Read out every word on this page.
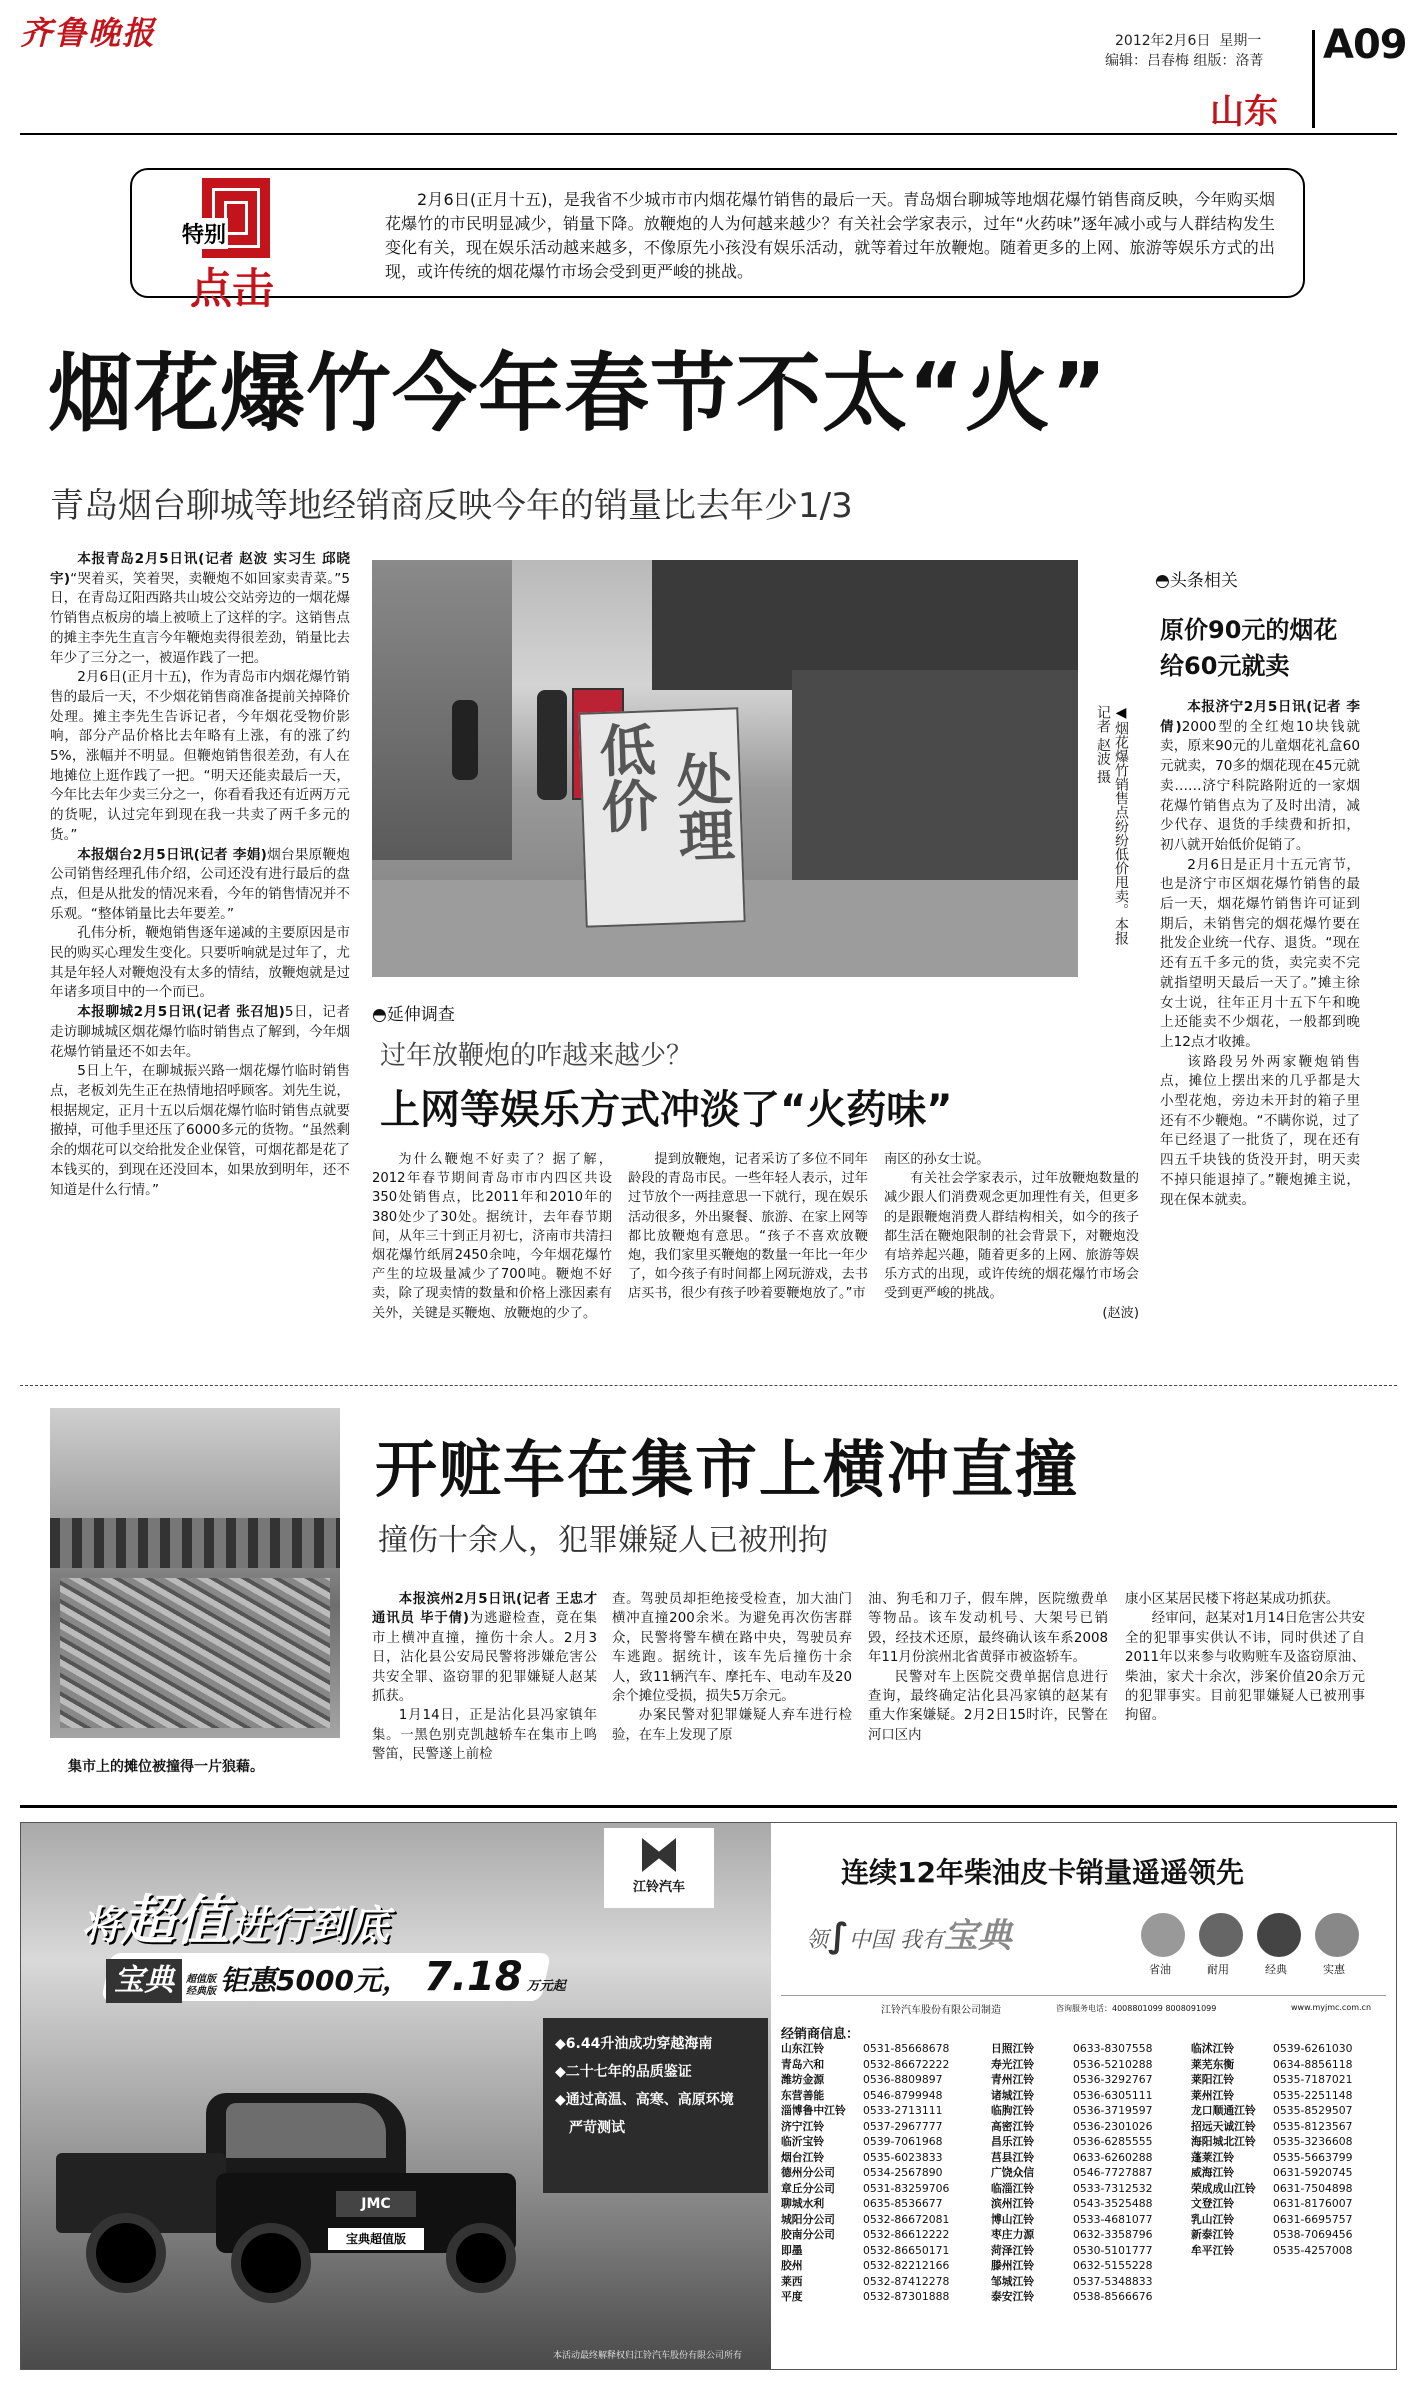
齐鲁晚报	2012年2月6日 星期一
编辑：吕春梅 组版：洛菁 A09
山东
特别
点击
2月6日(正月十五)，是我省不少城市市内烟花爆竹销售的最后一天。青岛烟台聊城等地烟花爆竹销售商反映，今年购买烟花爆竹的市民明显减少，销量下降。放鞭炮的人为何越来越少？有关社会学家表示，过年“火药味”逐年减小或与人群结构发生变化有关，现在娱乐活动越来越多，不像原先小孩没有娱乐活动，就等着过年放鞭炮。随着更多的上网、旅游等娱乐方式的出现，或许传统的烟花爆竹市场会受到更严峻的挑战。
烟花爆竹今年春节不太“火”
青岛烟台聊城等地经销商反映今年的销量比去年少1/3

本报青岛2月5日讯(记者 赵波 实习生 邱晓宇)“哭着买，笑着哭，卖鞭炮不如回家卖青菜。”5日，在青岛辽阳西路共山坡公交站旁边的一烟花爆竹销售点板房的墙上被喷上了这样的字。这销售点的摊主李先生直言今年鞭炮卖得很差劲，销量比去年少了三分之一，被逼作践了一把。

2月6日(正月十五)，作为青岛市内烟花爆竹销售的最后一天，不少烟花销售商准备提前关掉降价处理。摊主李先生告诉记者，今年烟花受物价影响，部分产品价格比去年略有上涨，有的涨了约5%，涨幅并不明显。但鞭炮销售很差劲，有人在地摊位上逛作践了一把。“明天还能卖最后一天，今年比去年少卖三分之一，你看看我还有近两万元的货呢，认过完年到现在我一共卖了两千多元的货。”

本报烟台2月5日讯(记者 李娟)烟台果原鞭炮公司销售经理孔伟介绍，公司还没有进行最后的盘点，但是从批发的情况来看，今年的销售情况并不乐观。“整体销量比去年要差。”

孔伟分析，鞭炮销售逐年递减的主要原因是市民的购买心理发生变化。只要听响就是过年了，尤其是年轻人对鞭炮没有太多的情结，放鞭炮就是过年诸多项目中的一个而已。

本报聊城2月5日讯(记者 张召旭)5日，记者走访聊城城区烟花爆竹临时销售点了解到，今年烟花爆竹销量还不如去年。

5日上午，在聊城振兴路一烟花爆竹临时销售点，老板刘先生正在热情地招呼顾客。刘先生说，根据规定，正月十五以后烟花爆竹临时销售点就要撤掉，可他手里还压了6000多元的货物。“虽然剩余的烟花可以交给批发企业保管，可烟花都是花了本钱买的，到现在还没回本，如果放到明年，还不知道是什么行情。”

低价 处理
◀烟花爆竹销售点纷纷低价甩卖。本报记者 赵波 摄
◓头条相关
原价90元的烟花
给60元就卖

本报济宁2月5日讯(记者 李倩)2000型的全红炮10块钱就卖，原来90元的儿童烟花礼盒60元就卖，70多的烟花现在45元就卖……济宁科院路附近的一家烟花爆竹销售点为了及时出清，减少代存、退货的手续费和折扣，初八就开始低价促销了。

2月6日是正月十五元宵节，也是济宁市区烟花爆竹销售的最后一天，烟花爆竹销售许可证到期后，未销售完的烟花爆竹要在批发企业统一代存、退货。“现在还有五千多元的货，卖完卖不完就指望明天最后一天了。”摊主徐女士说，往年正月十五下午和晚上还能卖不少烟花，一般都到晚上12点才收摊。

该路段另外两家鞭炮销售点，摊位上摆出来的几乎都是大小型花炮，旁边未开封的箱子里还有不少鞭炮。“不瞒你说，过了年已经退了一批货了，现在还有四五千块钱的货没开封，明天卖不掉只能退掉了。”鞭炮摊主说，现在保本就卖。

◓延伸调查
过年放鞭炮的咋越来越少？
上网等娱乐方式冲淡了“火药味”
为什么鞭炮不好卖了？据了解，2012年春节期间青岛市市内四区共设350处销售点，比2011年和2010年的380处少了30处。据统计，去年春节期间，从年三十到正月初七，济南市共清扫烟花爆竹纸屑2450余吨，今年烟花爆竹产生的垃圾量减少了700吨。鞭炮不好卖，除了现卖情的数量和价格上涨因素有关外，关键是买鞭炮、放鞭炮的少了。
提到放鞭炮，记者采访了多位不同年龄段的青岛市民。一些年轻人表示，过年过节放个一两挂意思一下就行，现在娱乐活动很多，外出聚餐、旅游、在家上网等都比放鞭炮有意思。“孩子不喜欢放鞭炮，我们家里买鞭炮的数量一年比一年少了，如今孩子有时间都上网玩游戏，去书店买书，很少有孩子吵着要鞭炮放了。”市
南区的孙女士说。
有关社会学家表示，过年放鞭炮数量的减少跟人们消费观念更加理性有关，但更多的是跟鞭炮消费人群结构相关，如今的孩子都生活在鞭炮限制的社会背景下，对鞭炮没有培养起兴趣，随着更多的上网、旅游等娱乐方式的出现，或许传统的烟花爆竹市场会受到更严峻的挑战。
(赵波)
集市上的摊位被撞得一片狼藉。
开赃车在集市上横冲直撞
撞伤十余人，犯罪嫌疑人已被刑拘

本报滨州2月5日讯(记者 王忠才 通讯员 毕于倩)为逃避检查，竟在集市上横冲直撞，撞伤十余人。2月3日，沾化县公安局民警将涉嫌危害公共安全罪、盗窃罪的犯罪嫌疑人赵某抓获。

1月14日，正是沾化县冯家镇年集。一黑色别克凯越轿车在集市上鸣警笛，民警遂上前检

查。驾驶员却拒绝接受检查，加大油门横冲直撞200余米。为避免再次伤害群众，民警将警车横在路中央，驾驶员弃车逃跑。据统计，该车先后撞伤十余人，致11辆汽车、摩托车、电动车及20余个摊位受损，损失5万余元。
办案民警对犯罪嫌疑人弃车进行检验，在车上发现了原
油、狗毛和刀子，假车牌，医院缴费单等物品。该车发动机号、大架号已销毁，经技术还原，最终确认该车系2008年11月份滨州北省黄驿市被盗轿车。
民警对车上医院交费单据信息进行查询，最终确定沾化县冯家镇的赵某有重大作案嫌疑。2月2日15时许，民警在河口区内
康小区某居民楼下将赵某成功抓获。
经审问，赵某对1月14日危害公共安全的犯罪事实供认不讳，同时供述了自2011年以来参与收购赃车及盗窃原油、柴油，家犬十余次，涉案价值20余万元的犯罪事实。目前犯罪嫌疑人已被刑事拘留。
将超值进行到底
宝典 超值版
经典版 钜惠5000元， 7.18 万元起
江铃汽车
◆6.44升油成功穿越海南
◆二十七年的品质鉴证
◆通过高温、高寒、高原环境
严苛测试
JMC
宝典超值版
本活动最终解释权归江铃汽车股份有限公司所有
连续12年柴油皮卡销量遥遥领先
领∫中国 我有宝典
省油	耐用	经典	实惠
江铃汽车股份有限公司制造	咨询服务电话：4008801099 8008091099	www.myjmc.com.cn
经销商信息：
山东江铃	0531-85668678
青岛六和	0532-86672222
潍坊金源	0536-8809897
东营善能	0546-8799948
淄博鲁中江铃	0533-2713111
济宁江铃	0537-2967777
临沂宝铃	0539-7061968
烟台江铃	0535-6023833
德州分公司	0534-2567890
章丘分公司	0531-83259706
聊城水利	0635-8536677
城阳分公司	0532-86672081
胶南分公司	0532-86612222
即墨	0532-86650171
胶州	0532-82212166
莱西	0532-87412278
平度	0532-87301888
日照江铃	0633-8307558
寿光江铃	0536-5210288
青州江铃	0536-3292767
诸城江铃	0536-6305111
临朐江铃	0536-3719597
高密江铃	0536-2301026
昌乐江铃	0536-6285555
莒县江铃	0633-6260288
广饶众信	0546-7727887
临淄江铃	0533-7312532
滨州江铃	0543-3525488
博山江铃	0533-4681077
枣庄力源	0632-3358796
菏泽江铃	0530-5101777
滕州江铃	0632-5155228
邹城江铃	0537-5348833
泰安江铃	0538-8566676
临沭江铃	0539-6261030
莱芜东衡	0634-8856118
莱阳江铃	0535-7187021
莱州江铃	0535-2251148
龙口顺通江铃	0535-8529507
招远天诚江铃	0535-8123567
海阳城北江铃	0535-3236608
蓬莱江铃	0535-5663799
威海江铃	0631-5920745
荣成成山江铃	0631-7504898
文登江铃	0631-8176007
乳山江铃	0631-6695757
新泰江铃	0538-7069456
牟平江铃	0535-4257008
